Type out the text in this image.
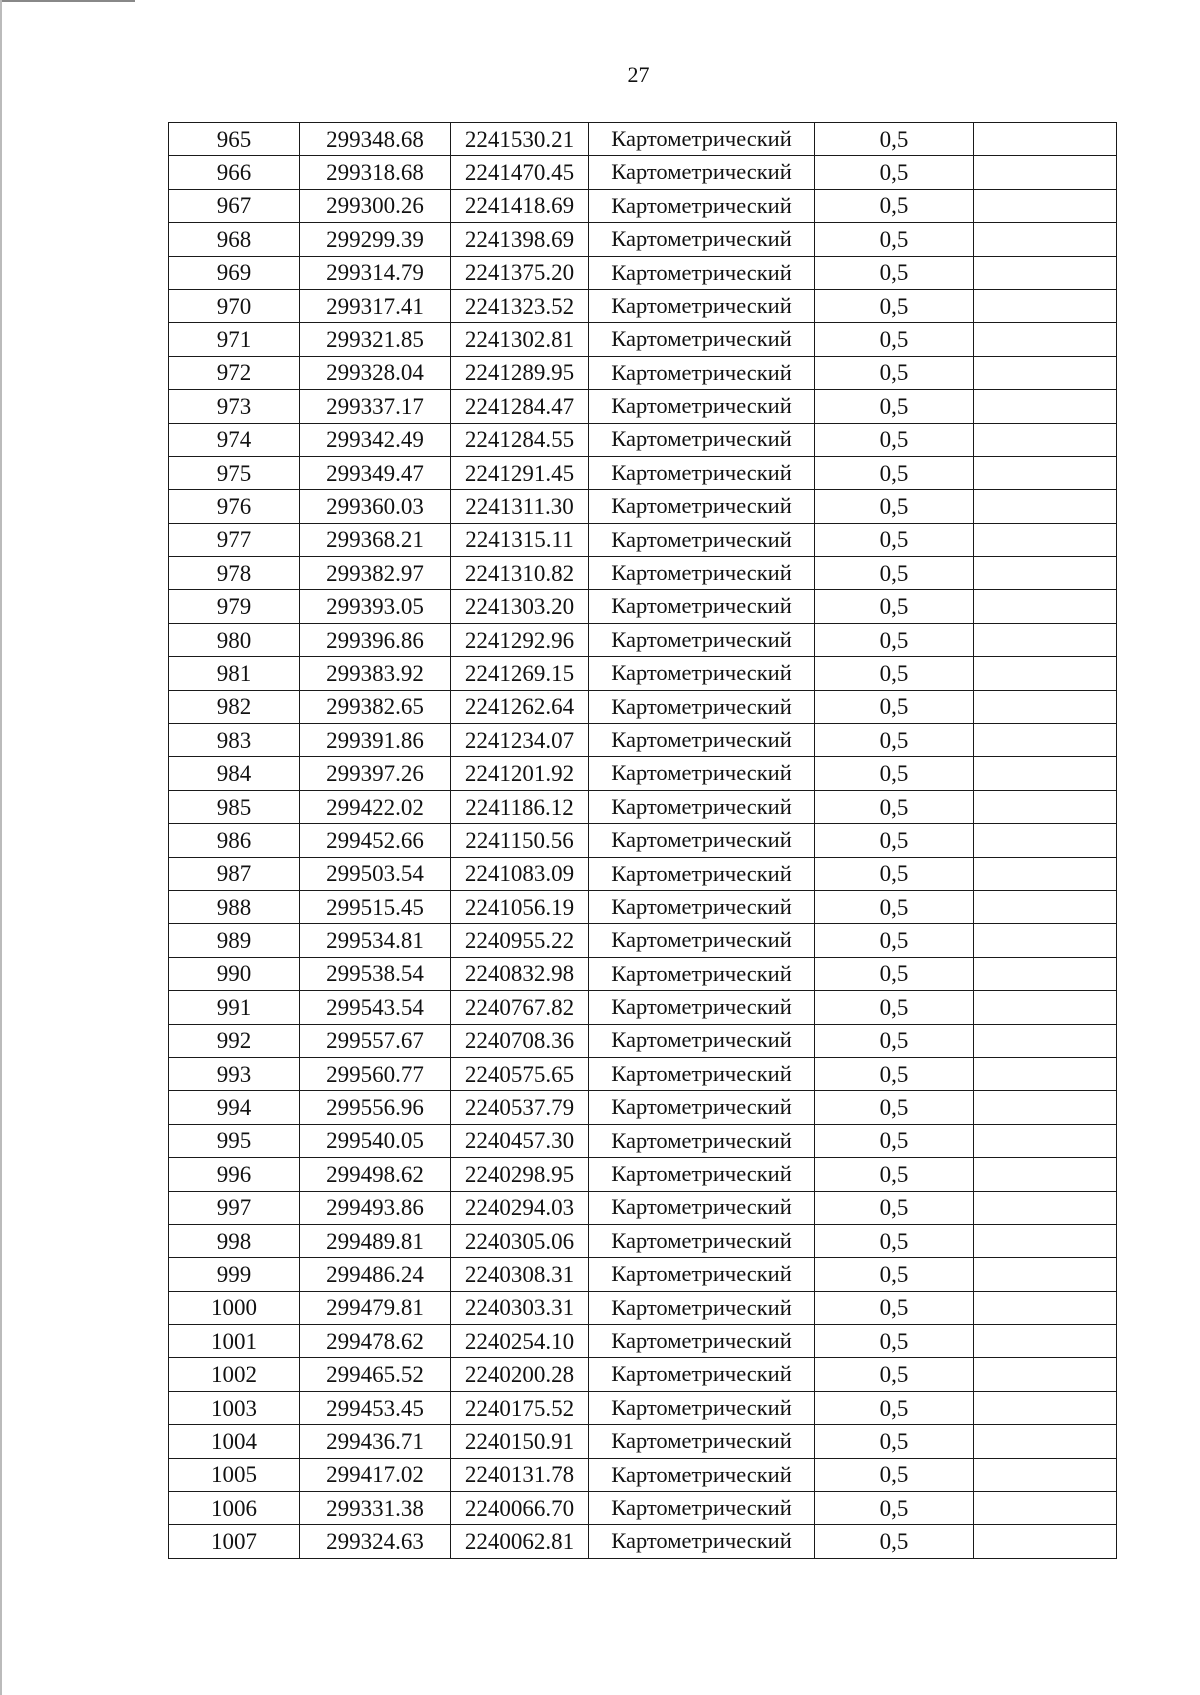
27
965	299348.68	2241530.21	Картометрический	0,5	
966	299318.68	2241470.45	Картометрический	0,5	
967	299300.26	2241418.69	Картометрический	0,5	
968	299299.39	2241398.69	Картометрический	0,5	
969	299314.79	2241375.20	Картометрический	0,5	
970	299317.41	2241323.52	Картометрический	0,5	
971	299321.85	2241302.81	Картометрический	0,5	
972	299328.04	2241289.95	Картометрический	0,5	
973	299337.17	2241284.47	Картометрический	0,5	
974	299342.49	2241284.55	Картометрический	0,5	
975	299349.47	2241291.45	Картометрический	0,5	
976	299360.03	2241311.30	Картометрический	0,5	
977	299368.21	2241315.11	Картометрический	0,5	
978	299382.97	2241310.82	Картометрический	0,5	
979	299393.05	2241303.20	Картометрический	0,5	
980	299396.86	2241292.96	Картометрический	0,5	
981	299383.92	2241269.15	Картометрический	0,5	
982	299382.65	2241262.64	Картометрический	0,5	
983	299391.86	2241234.07	Картометрический	0,5	
984	299397.26	2241201.92	Картометрический	0,5	
985	299422.02	2241186.12	Картометрический	0,5	
986	299452.66	2241150.56	Картометрический	0,5	
987	299503.54	2241083.09	Картометрический	0,5	
988	299515.45	2241056.19	Картометрический	0,5	
989	299534.81	2240955.22	Картометрический	0,5	
990	299538.54	2240832.98	Картометрический	0,5	
991	299543.54	2240767.82	Картометрический	0,5	
992	299557.67	2240708.36	Картометрический	0,5	
993	299560.77	2240575.65	Картометрический	0,5	
994	299556.96	2240537.79	Картометрический	0,5	
995	299540.05	2240457.30	Картометрический	0,5	
996	299498.62	2240298.95	Картометрический	0,5	
997	299493.86	2240294.03	Картометрический	0,5	
998	299489.81	2240305.06	Картометрический	0,5	
999	299486.24	2240308.31	Картометрический	0,5	
1000	299479.81	2240303.31	Картометрический	0,5	
1001	299478.62	2240254.10	Картометрический	0,5	
1002	299465.52	2240200.28	Картометрический	0,5	
1003	299453.45	2240175.52	Картометрический	0,5	
1004	299436.71	2240150.91	Картометрический	0,5	
1005	299417.02	2240131.78	Картометрический	0,5	
1006	299331.38	2240066.70	Картометрический	0,5	
1007	299324.63	2240062.81	Картометрический	0,5	
